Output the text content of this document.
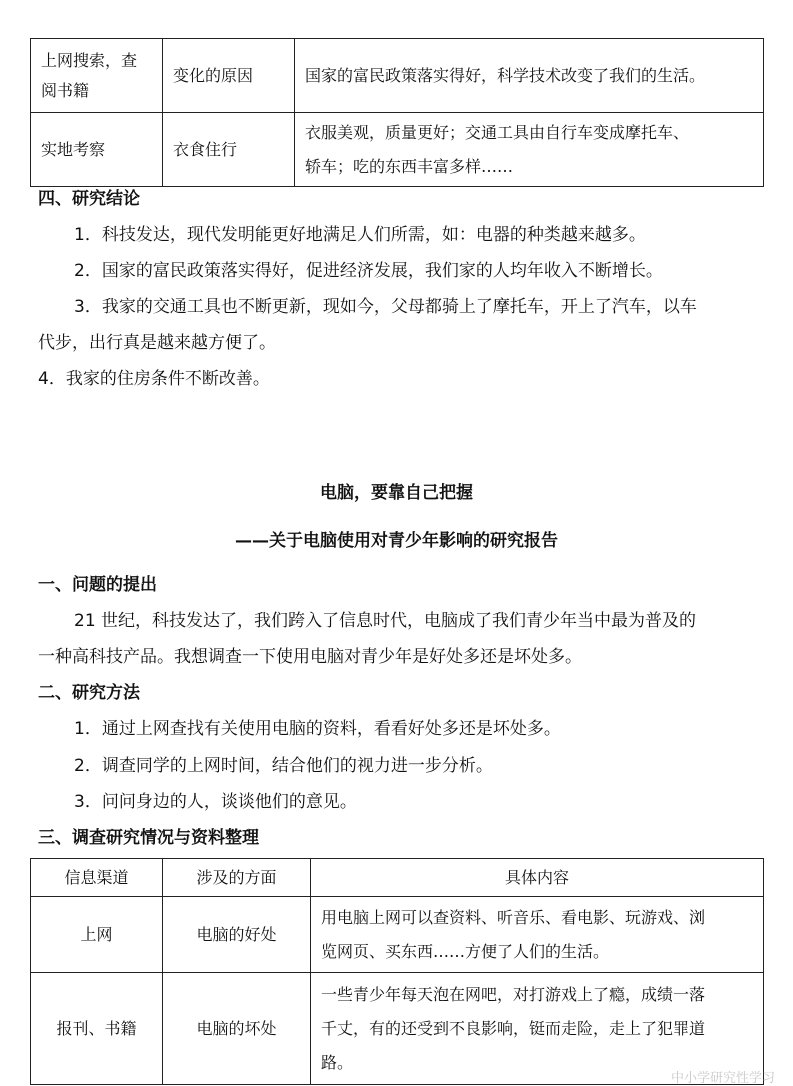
上网搜索，查
阅书籍	变化的原因	国家的富民政策落实得好，科学技术改变了我们的生活。

实地考察	衣食住行	衣服美观，质量更好；交通工具由自行车变成摩托车、
轿车；吃的东西丰富多样……
四、研究结论
1．科技发达，现代发明能更好地满足人们所需，如：电器的种类越来越多。
2．国家的富民政策落实得好，促进经济发展，我们家的人均年收入不断增长。
3．我家的交通工具也不断更新，现如今，父母都骑上了摩托车，开上了汽车，以车
代步，出行真是越来越方便了。
4．我家的住房条件不断改善。
电脑，要靠自己把握
——关于电脑使用对青少年影响的研究报告
一、问题的提出
21 世纪，科技发达了，我们跨入了信息时代，电脑成了我们青少年当中最为普及的
一种高科技产品。我想调查一下使用电脑对青少年是好处多还是坏处多。
二、研究方法
1．通过上网查找有关使用电脑的资料，看看好处多还是坏处多。
2．调查同学的上网时间，结合他们的视力进一步分析。
3．问问身边的人，谈谈他们的意见。
三、调查研究情况与资料整理
信息渠道	涉及的方面	具体内容
上网	电脑的好处	用电脑上网可以查资料、听音乐、看电影、玩游戏、浏
览网页、买东西……方便了人们的生活。

报刊、书籍	电脑的坏处	一些青少年每天泡在网吧，对打游戏上了瘾，成绩一落
千丈，有的还受到不良影响，铤而走险，走上了犯罪道
路。
中小学研究性学习
